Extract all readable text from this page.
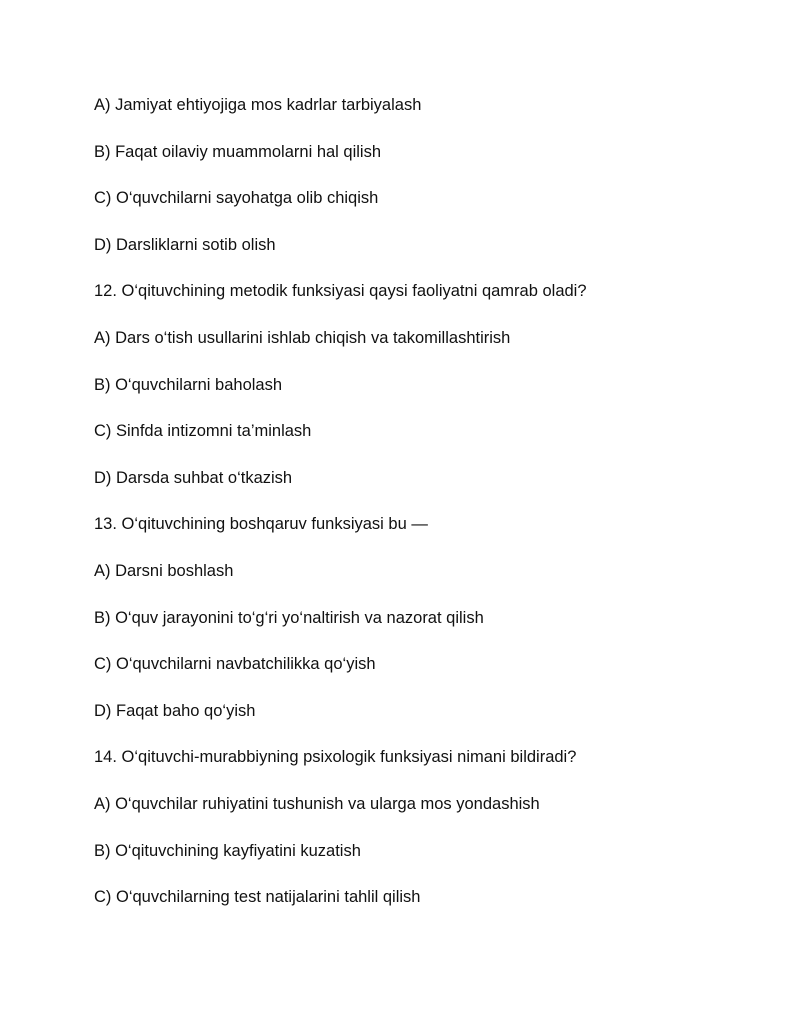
A) Jamiyat ehtiyojiga mos kadrlar tarbiyalash
B) Faqat oilaviy muammolarni hal qilish
C) O‘quvchilarni sayohatga olib chiqish
D) Darsliklarni sotib olish
12. O‘qituvchining metodik funksiyasi qaysi faoliyatni qamrab oladi?
A) Dars o‘tish usullarini ishlab chiqish va takomillashtirish
B) O‘quvchilarni baholash
C) Sinfda intizomni ta’minlash
D) Darsda suhbat o‘tkazish
13. O‘qituvchining boshqaruv funksiyasi bu —
A) Darsni boshlash
B) O‘quv jarayonini to‘g‘ri yo‘naltirish va nazorat qilish
C) O‘quvchilarni navbatchilikka qo‘yish
D) Faqat baho qo‘yish
14. O‘qituvchi-murabbiyning psixologik funksiyasi nimani bildiradi?
A) O‘quvchilar ruhiyatini tushunish va ularga mos yondashish
B) O‘qituvchining kayfiyatini kuzatish
C) O‘quvchilarning test natijalarini tahlil qilish
